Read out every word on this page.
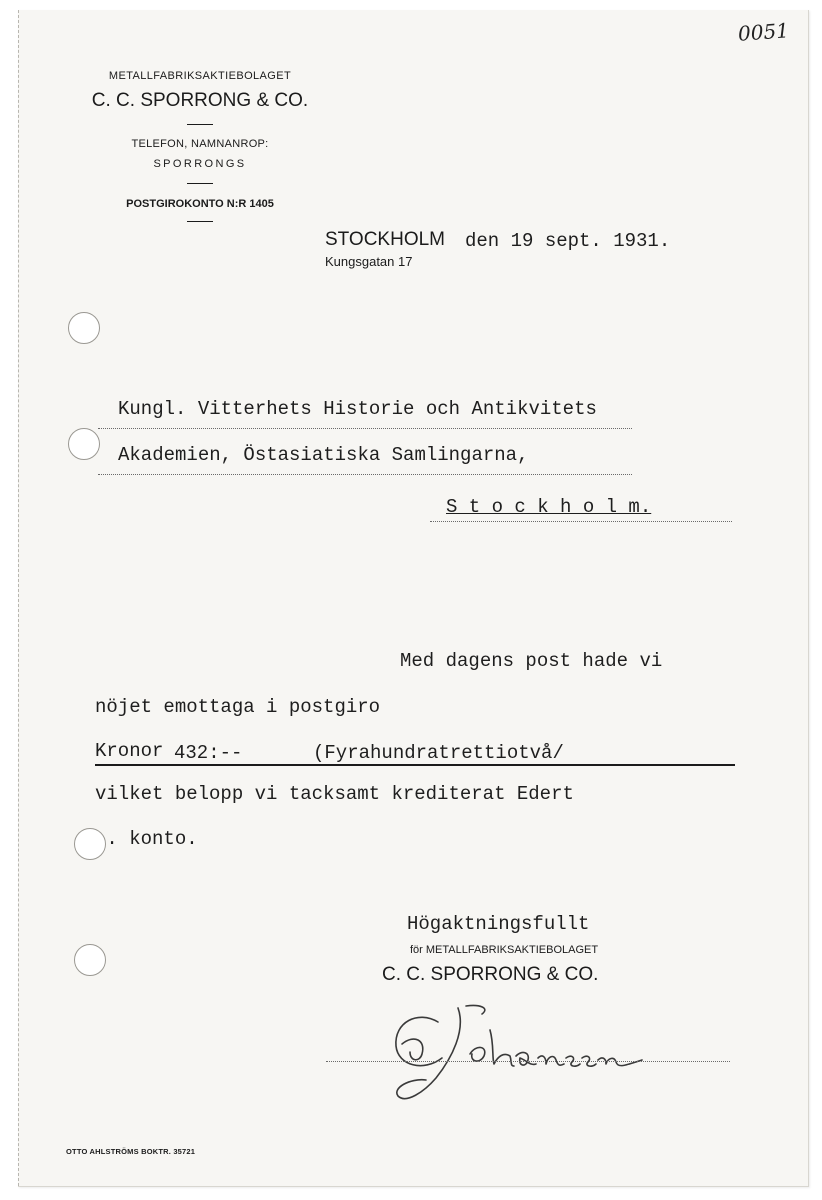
0051
METALLFABRIKSAKTIEBOLAGET
C. C. SPORRONG & CO.
TELEFON, NAMNANROP:
SPORRONGS
POSTGIROKONTO N:R 1405
STOCKHOLM den 19 sept. 1931.
Kungsgatan 17
Kungl. Vitterhets Historie och Antikvitets
Akademien, Östasiatiska Samlingarna,
S t o c k h o l m.
Med dagens post hade vi
nöjet emottaga i postgiro
Kronor 432:--	(Fyrahundratrettiotvå/
vilket belopp vi tacksamt krediterat Edert
. konto.
Högaktningsfullt
för METALLFABRIKSAKTIEBOLAGET
C. C. SPORRONG & CO.
OTTO AHLSTRÖMS BOKTR. 35721
